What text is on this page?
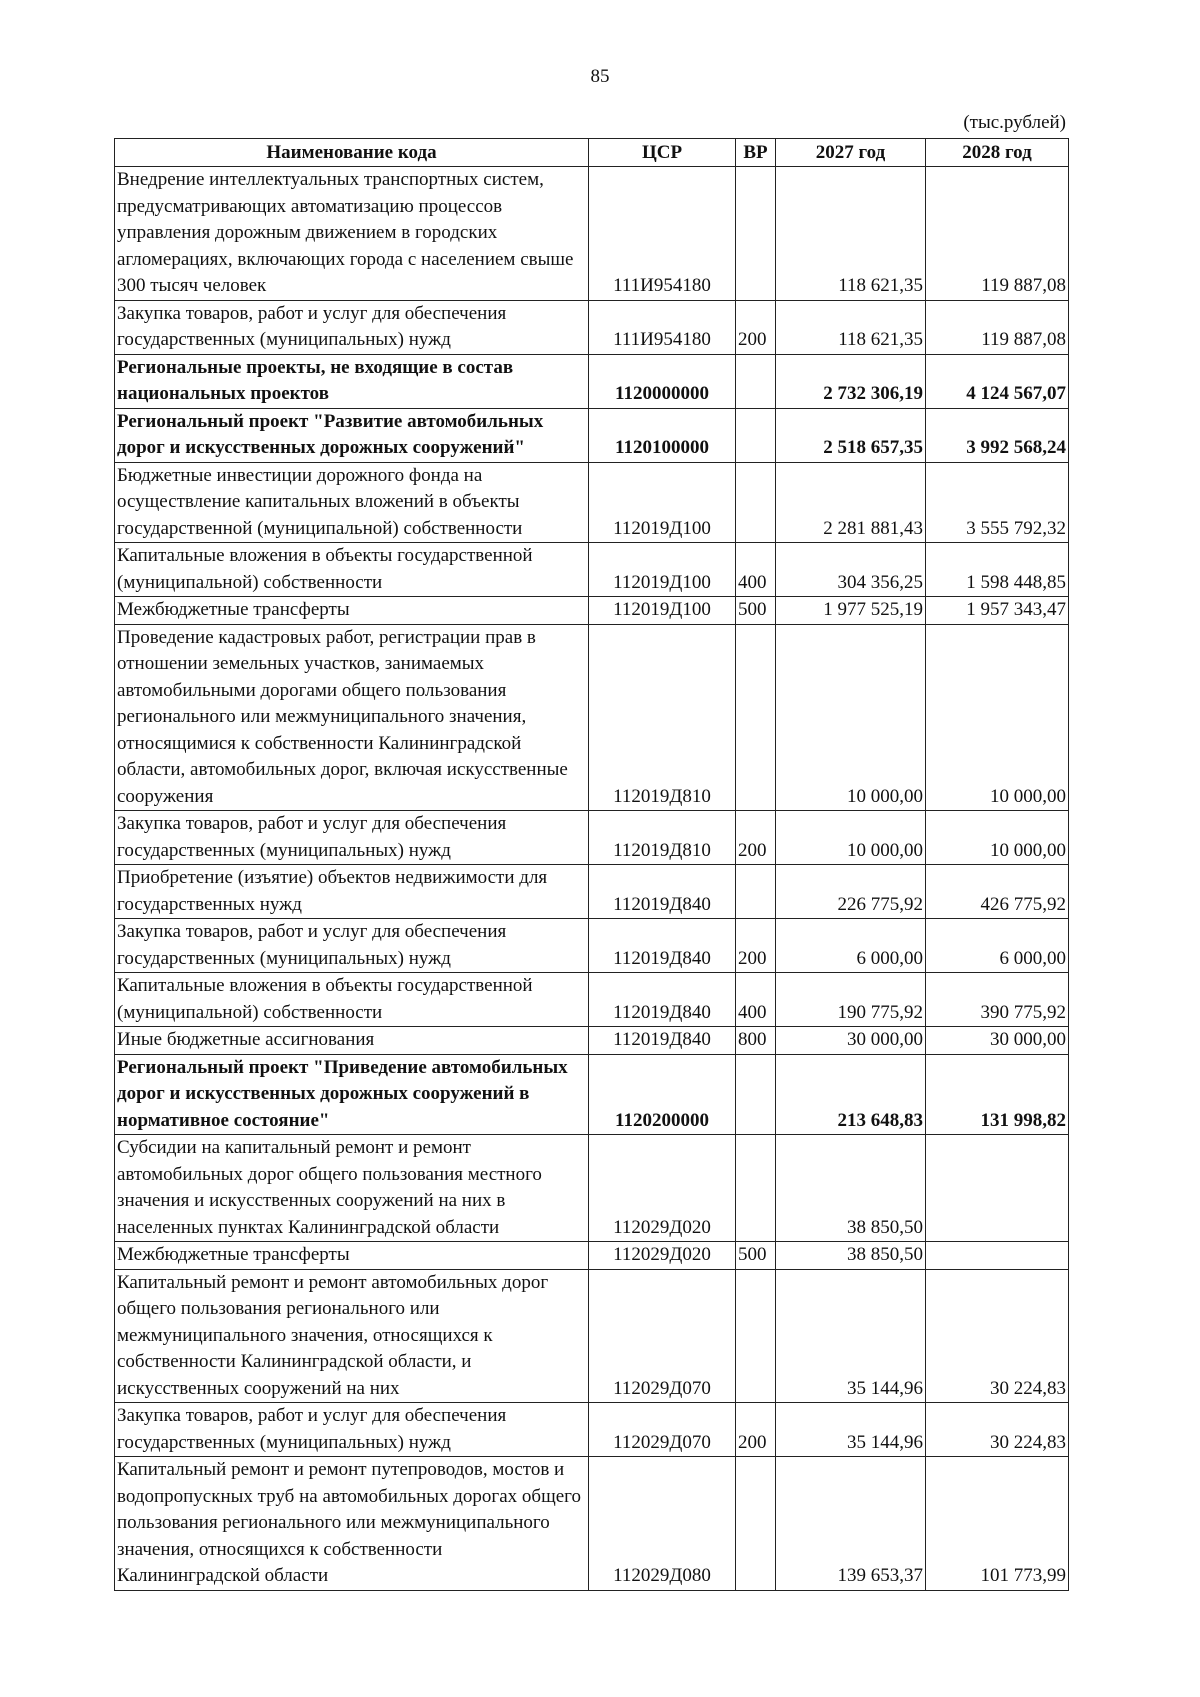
85
(тыс.рублей)
Наименование кода	ЦСР	ВР	2027 год	2028 год
Внедрение интеллектуальных транспортных систем, предусматривающих автоматизацию процессов управления дорожным движением в городских агломерациях, включающих города с населением свыше 300 тысяч человек	111И954180		118 621,35	119 887,08
Закупка товаров, работ и услуг для обеспечения государственных (муниципальных) нужд	111И954180	200	118 621,35	119 887,08
Региональные проекты, не входящие в состав национальных проектов	1120000000		2 732 306,19	4 124 567,07
Региональный проект "Развитие автомобильных дорог и искусственных дорожных сооружений"	1120100000		2 518 657,35	3 992 568,24
Бюджетные инвестиции дорожного фонда на осуществление капитальных вложений в объекты государственной (муниципальной) собственности	112019Д100		2 281 881,43	3 555 792,32
Капитальные вложения в объекты государственной (муниципальной) собственности	112019Д100	400	304 356,25	1 598 448,85
Межбюджетные трансферты	112019Д100	500	1 977 525,19	1 957 343,47
Проведение кадастровых работ, регистрации прав в отношении земельных участков, занимаемых автомобильными дорогами общего пользования регионального или межмуниципального значения, относящимися к собственности Калининградской области, автомобильных дорог, включая искусственные сооружения	112019Д810		10 000,00	10 000,00
Закупка товаров, работ и услуг для обеспечения государственных (муниципальных) нужд	112019Д810	200	10 000,00	10 000,00
Приобретение (изъятие) объектов недвижимости для государственных нужд	112019Д840		226 775,92	426 775,92
Закупка товаров, работ и услуг для обеспечения государственных (муниципальных) нужд	112019Д840	200	6 000,00	6 000,00
Капитальные вложения в объекты государственной (муниципальной) собственности	112019Д840	400	190 775,92	390 775,92
Иные бюджетные ассигнования	112019Д840	800	30 000,00	30 000,00
Региональный проект "Приведение автомобильных дорог и искусственных дорожных сооружений в нормативное состояние"	1120200000		213 648,83	131 998,82
Субсидии на капитальный ремонт и ремонт автомобильных дорог общего пользования местного значения и искусственных сооружений на них в населенных пунктах Калининградской области	112029Д020		38 850,50	
Межбюджетные трансферты	112029Д020	500	38 850,50	
Капитальный ремонт и ремонт автомобильных дорог общего пользования регионального или межмуниципального значения, относящихся к собственности Калининградской области, и искусственных сооружений на них	112029Д070		35 144,96	30 224,83
Закупка товаров, работ и услуг для обеспечения государственных (муниципальных) нужд	112029Д070	200	35 144,96	30 224,83
Капитальный ремонт и ремонт путепроводов, мостов и водопропускных труб на автомобильных дорогах общего пользования регионального или межмуниципального значения, относящихся к собственности Калининградской области	112029Д080		139 653,37	101 773,99
